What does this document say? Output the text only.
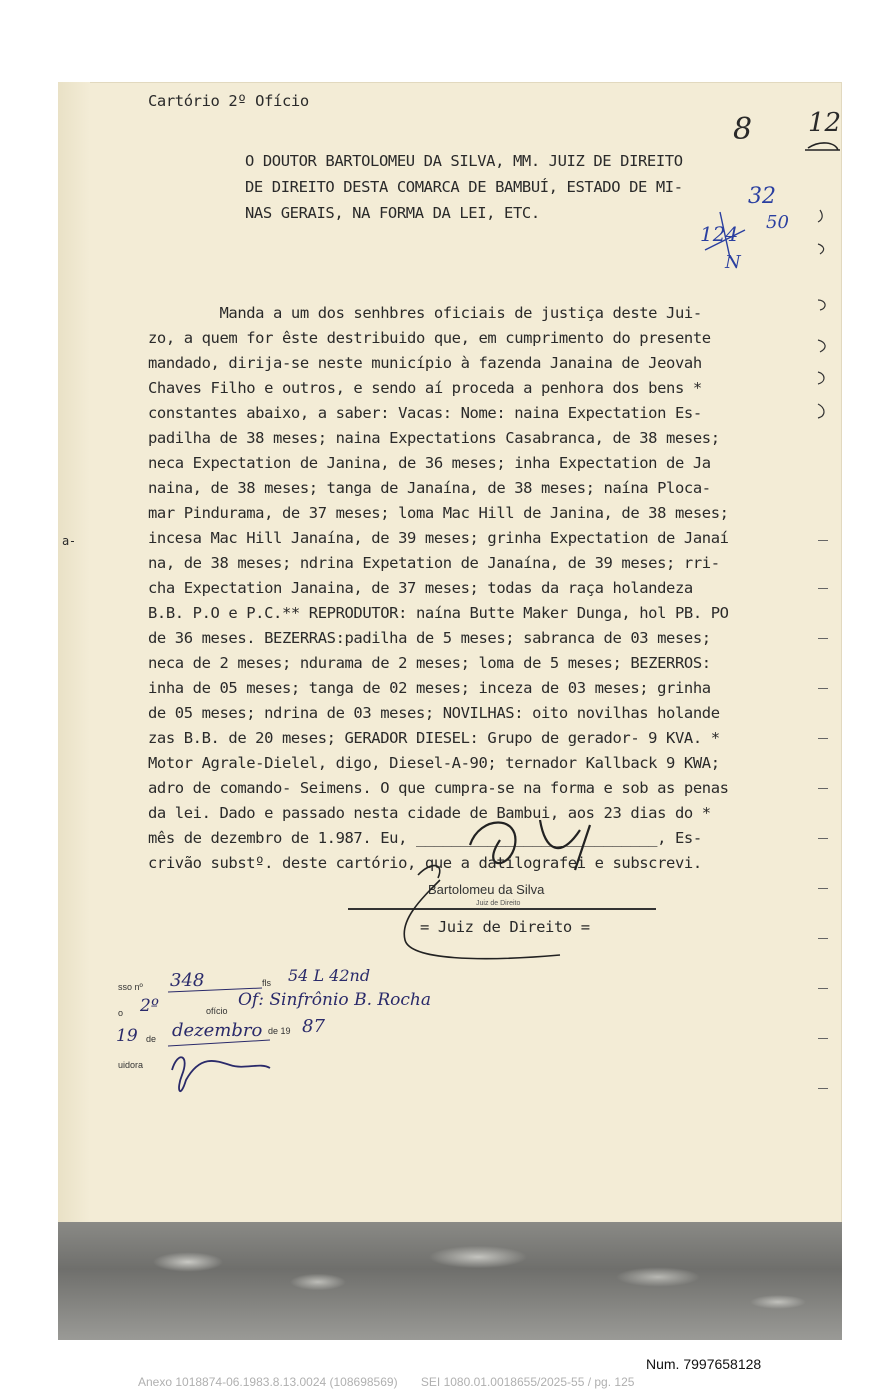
Cartório 2º Ofício
O DOUTOR BARTOLOMEU DA SILVA, MM. JUIZ DE DIREITO
DE DIREITO DESTA COMARCA DE BAMBUÍ, ESTADO DE MI-
NAS GERAIS, NA FORMA DA LEI, ETC.
Manda a um dos senhbres oficiais de justiça deste Jui-
zo, a quem for êste destribuido que, em cumprimento do presente
mandado, dirija-se neste município à fazenda Janaina de Jeovah
Chaves Filho e outros, e sendo aí proceda a penhora dos bens *
constantes abaixo, a saber: Vacas: Nome: naina Expectation Es-
padilha de 38 meses; naina Expectations Casabranca, de 38 meses;
neca Expectation de Janina, de 36 meses; inha Expectation de Ja
naina, de 38 meses; tanga de Janaína, de 38 meses; naína Plocа-
mar Pindurama, de 37 meses; loma Mac Hill de Janina, de 38 meses;
incesa Mac Hill Janaína, de 39 meses; grinha Expectation de Janaí
na, de 38 meses; ndrina Expetation de Janaína, de 39 meses; rri-
cha Expectation Janaina, de 37 meses; todas da raça holandeza
B.B. P.O e P.C.** REPRODUTOR: naína Butte Maker Dunga, hol PB. PO
de 36 meses. BEZERRAS:padilha de 5 meses; sabranca de 03 meses;
neca de 2 meses; ndurama de 2 meses; loma de 5 meses; BEZERROS:
inha de 05 meses; tanga de 02 meses; inceza de 03 meses; grinha
de 05 meses; ndrina de 03 meses; NOVILHAS: oito novilhas holande
zas B.B. de 20 meses; GERADOR DIESEL: Grupo de gerador- 9 KVA. *
Motor Agrale-Dielel, digo, Diesel-A-90; ternador Kallback 9 KWA;
adro de comando- Seimens. O que cumpra-se na forma e sob as penas
da lei. Dado e passado nesta cidade de Bambui, aos 23 dias do *
mês de dezembro de 1.987. Eu, ___________________________, Es-
crivão substº. deste cartório, que a datilografei e subscrevi.
Bartolomeu da Silva
Juiz de Direito
= Juiz de Direito =
sso nº 348	fls 54 L 42nd
o 2º	ofício
Of: Sinfrônio B. Rocha
19 de dezembro de 19 87
uidora
8 12
124
N
32
50
a-
Num. 7997658128
Anexo 1018874-06.1983.8.13.0024 (108698569)       SEI 1080.01.0018655/2025-55 / pg. 125
